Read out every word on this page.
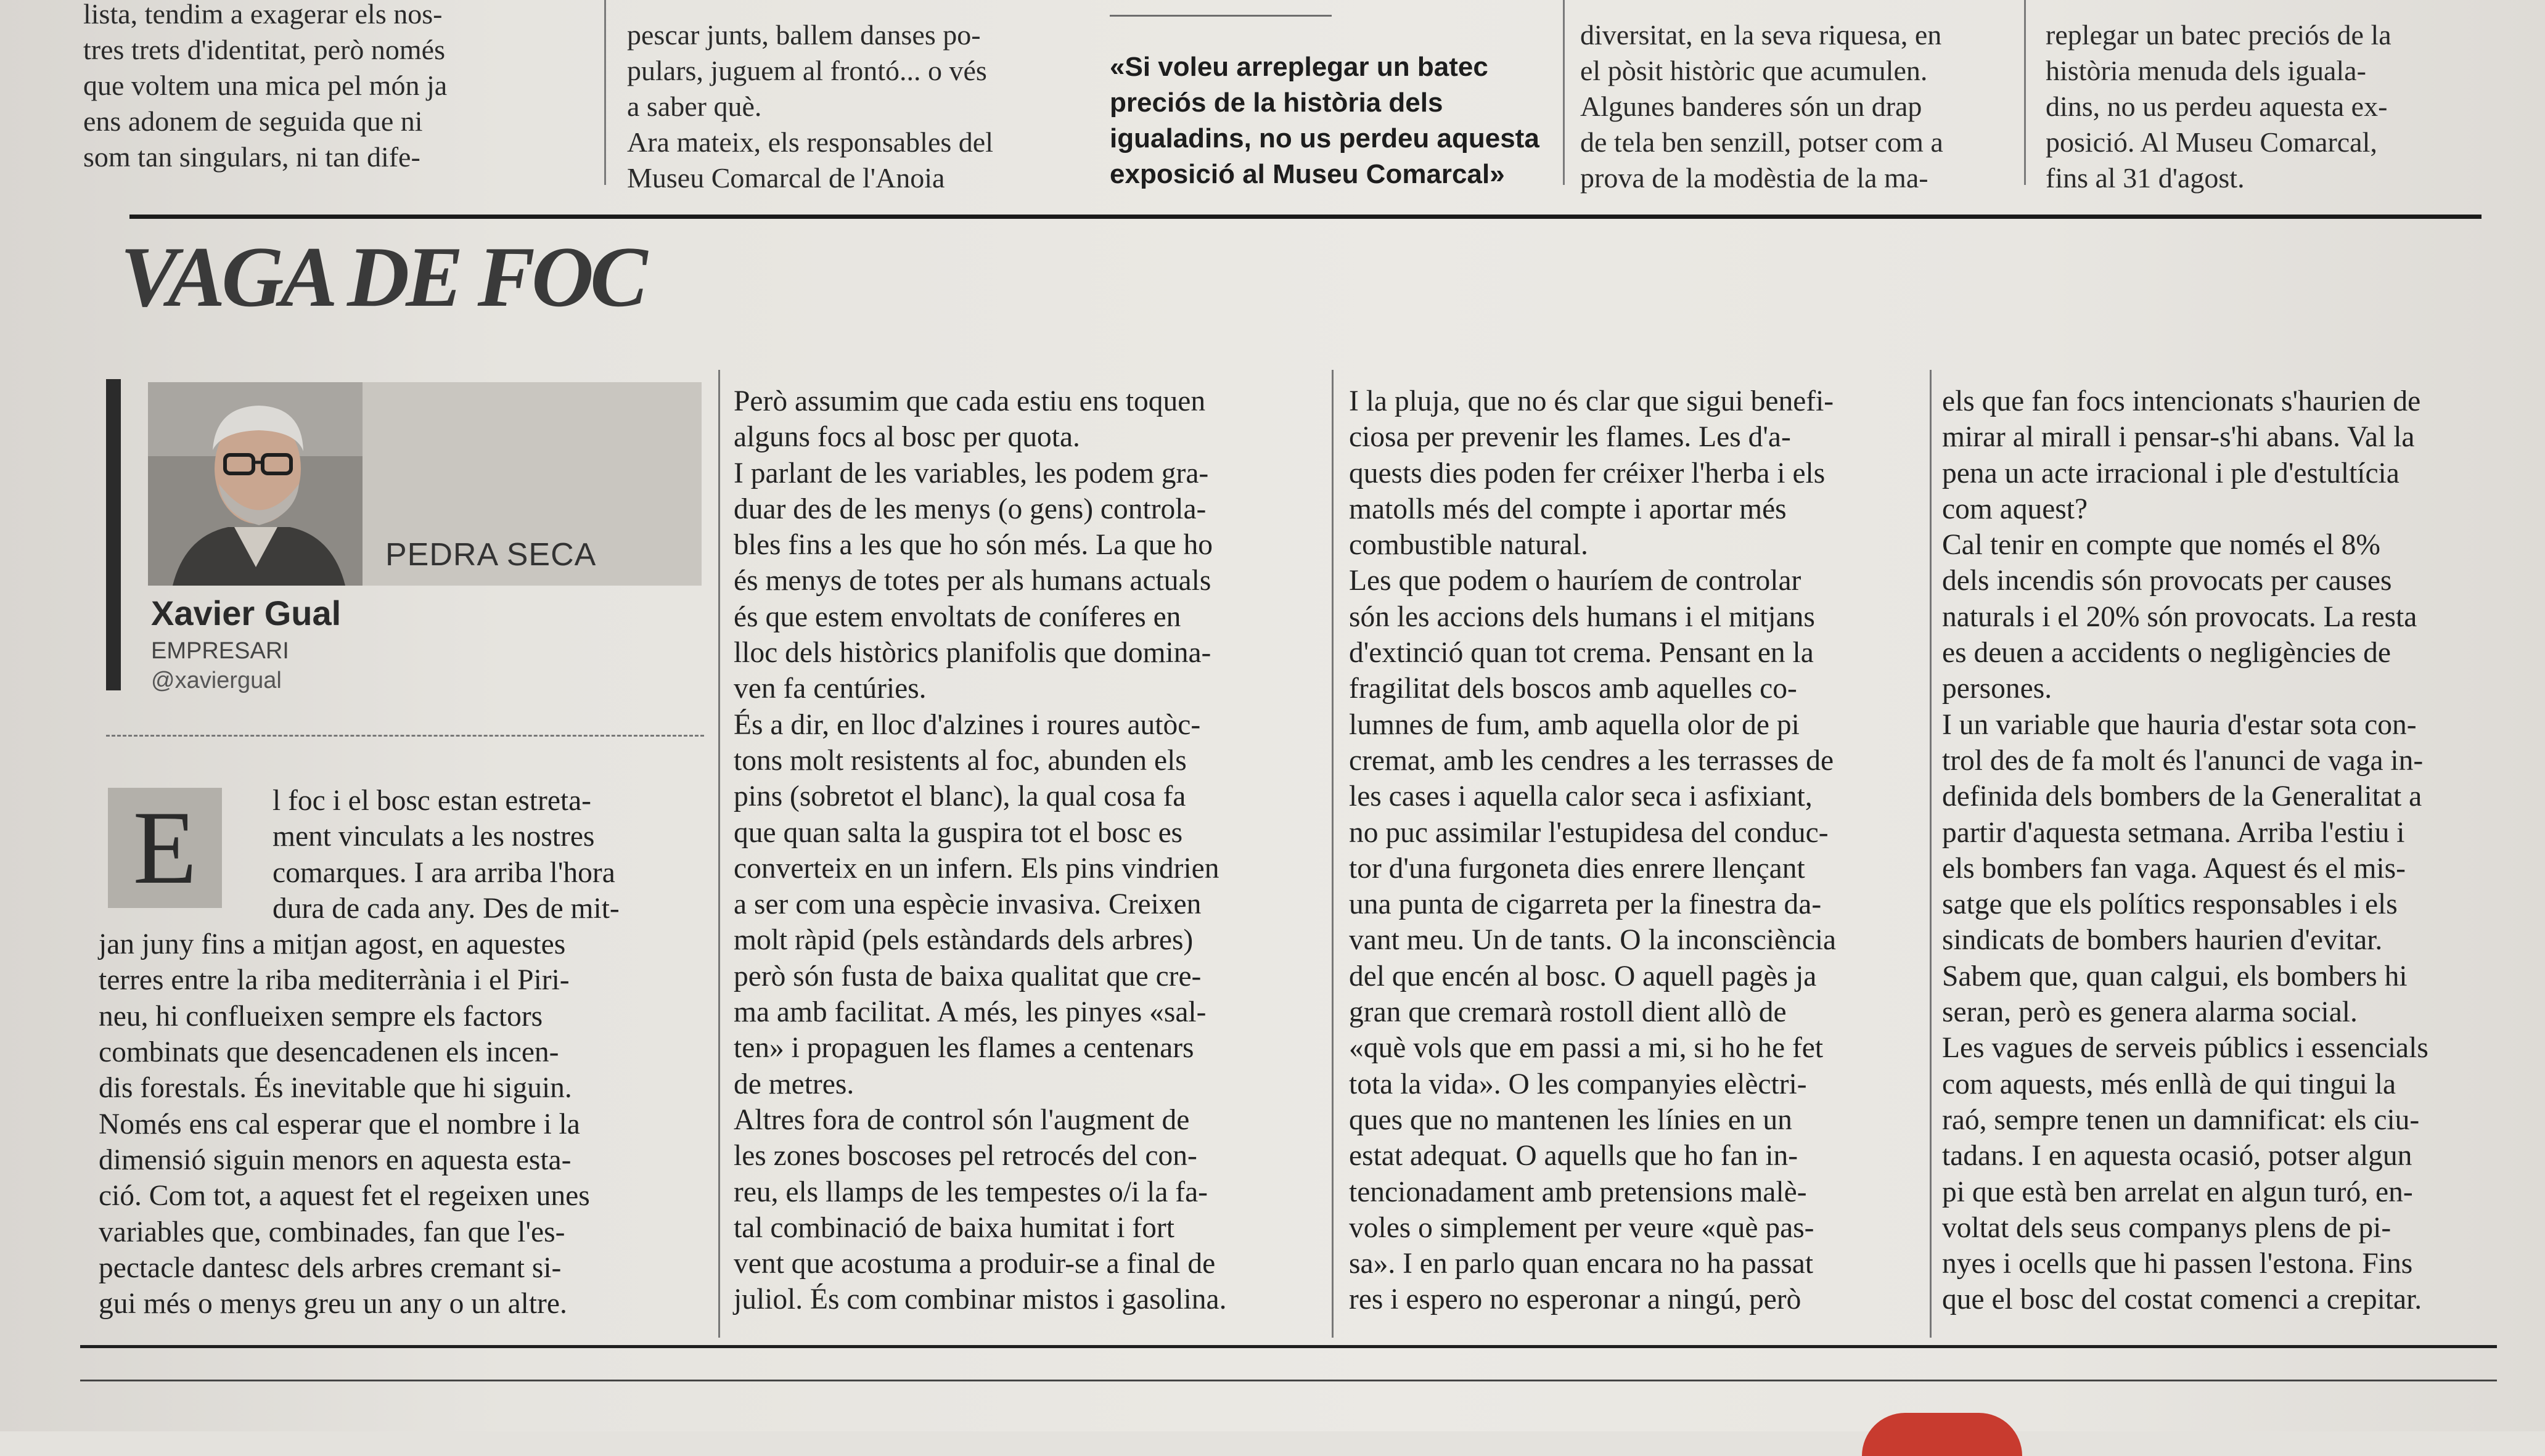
lista, tendim a exagerar els nos-
tres trets d'identitat, però només
que voltem una mica pel món ja
ens adonem de seguida que ni
som tan singulars, ni tan dife-
pescar junts, ballem danses po-
pulars, juguem al frontó... o vés
a saber què.
Ara mateix, els responsables del
Museu Comarcal de l'Anoia
«Si voleu arreplegar un batec
preciós de la història dels
igualadins, no us perdeu aquesta
exposició al Museu Comarcal»
diversitat, en la seva riquesa, en
el pòsit històric que acumulen.
Algunes banderes són un drap
de tela ben senzill, potser com a
prova de la modèstia de la ma-
replegar un batec preciós de la
història menuda dels iguala-
dins, no us perdeu aquesta ex-
posició. Al Museu Comarcal,
fins al 31 d'agost.
VAGA DE FOC
PEDRA SECA
Xavier Gual
EMPRESARI
@xaviergual
E	l foc i el bosc estan estreta-

ment vinculats a les nostres

comarques. I ara arriba l'hora

dura de cada any. Des de mit-

jan juny fins a mitjan agost, en aquestes

terres entre la riba mediterrània i el Piri-

neu, hi conflueixen sempre els factors

combinats que desencadenen els incen-

dis forestals. És inevitable que hi siguin.

Només ens cal esperar que el nombre i la

dimensió siguin menors en aquesta esta-

ció. Com tot, a aquest fet el regeixen unes

variables que, combinades, fan que l'es-

pectacle dantesc dels arbres cremant si-

gui més o menys greu un any o un altre.

Però assumim que cada estiu ens toquen

alguns focs al bosc per quota.

I parlant de les variables, les podem gra-

duar des de les menys (o gens) controla-

bles fins a les que ho són més. La que ho

és menys de totes per als humans actuals

és que estem envoltats de coníferes en

lloc dels històrics planifolis que domina-

ven fa centúries.

És a dir, en lloc d'alzines i roures autòc-

tons molt resistents al foc, abunden els

pins (sobretot el blanc), la qual cosa fa

que quan salta la guspira tot el bosc es

converteix en un infern. Els pins vindrien

a ser com una espècie invasiva. Creixen

molt ràpid (pels estàndards dels arbres)

però són fusta de baixa qualitat que cre-

ma amb facilitat. A més, les pinyes «sal-

ten» i propaguen les flames a centenars

de metres.

Altres fora de control són l'augment de

les zones boscoses pel retrocés del con-

reu, els llamps de les tempestes o/i la fa-

tal combinació de baixa humitat i fort

vent que acostuma a produir-se a final de

juliol. És com combinar mistos i gasolina.

I la pluja, que no és clar que sigui benefi-

ciosa per prevenir les flames. Les d'a-

quests dies poden fer créixer l'herba i els

matolls més del compte i aportar més

combustible natural.

Les que podem o hauríem de controlar

són les accions dels humans i el mitjans

d'extinció quan tot crema. Pensant en la

fragilitat dels boscos amb aquelles co-

lumnes de fum, amb aquella olor de pi

cremat, amb les cendres a les terrasses de

les cases i aquella calor seca i asfixiant,

no puc assimilar l'estupidesa del conduc-

tor d'una furgoneta dies enrere llençant

una punta de cigarreta per la finestra da-

vant meu. Un de tants. O la inconsciència

del que encén al bosc. O aquell pagès ja

gran que cremarà rostoll dient allò de

«què vols que em passi a mi, si ho he fet

tota la vida». O les companyies elèctri-

ques que no mantenen les línies en un

estat adequat. O aquells que ho fan in-

tencionadament amb pretensions malè-

voles o simplement per veure «què pas-

sa». I en parlo quan encara no ha passat

res i espero no esperonar a ningú, però

els que fan focs intencionats s'haurien de

mirar al mirall i pensar-s'hi abans. Val la

pena un acte irracional i ple d'estultícia

com aquest?

Cal tenir en compte que només el 8%

dels incendis són provocats per causes

naturals i el 20% són provocats. La resta

es deuen a accidents o negligències de

persones.

I un variable que hauria d'estar sota con-

trol des de fa molt és l'anunci de vaga in-

definida dels bombers de la Generalitat a

partir d'aquesta setmana. Arriba l'estiu i

els bombers fan vaga. Aquest és el mis-

satge que els polítics responsables i els

sindicats de bombers haurien d'evitar.

Sabem que, quan calgui, els bombers hi

seran, però es genera alarma social.

Les vagues de serveis públics i essencials

com aquests, més enllà de qui tingui la

raó, sempre tenen un damnificat: els ciu-

tadans. I en aquesta ocasió, potser algun

pi que està ben arrelat en algun turó, en-

voltat dels seus companys plens de pi-

nyes i ocells que hi passen l'estona. Fins

que el bosc del costat comenci a crepitar.
